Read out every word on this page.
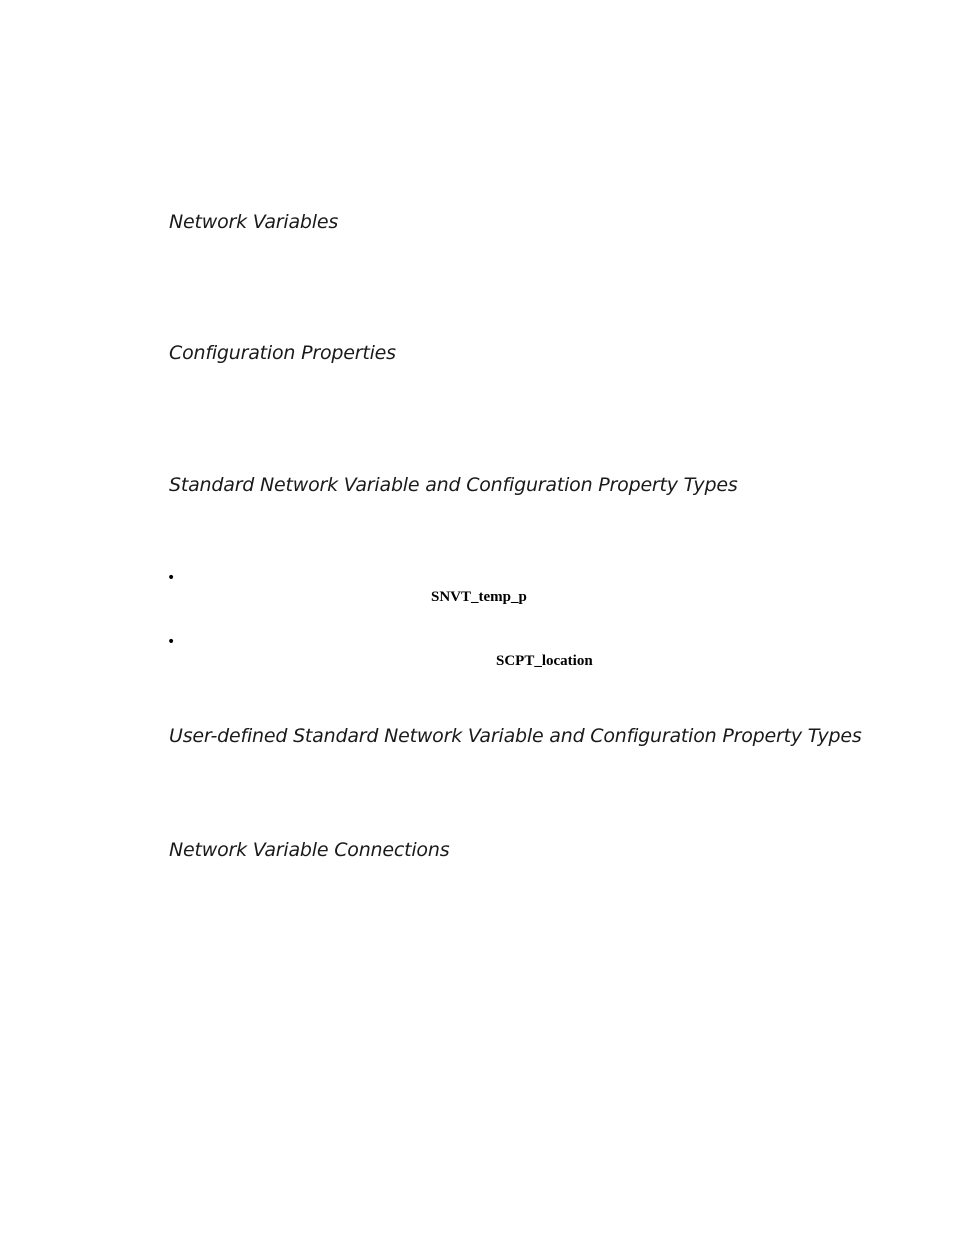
Network Variables
Configuration Properties
Standard Network Variable and Configuration Property Types
•
SNVT_temp_p
•
SCPT_location
User-defined Standard Network Variable and Configuration Property Types
Network Variable Connections
